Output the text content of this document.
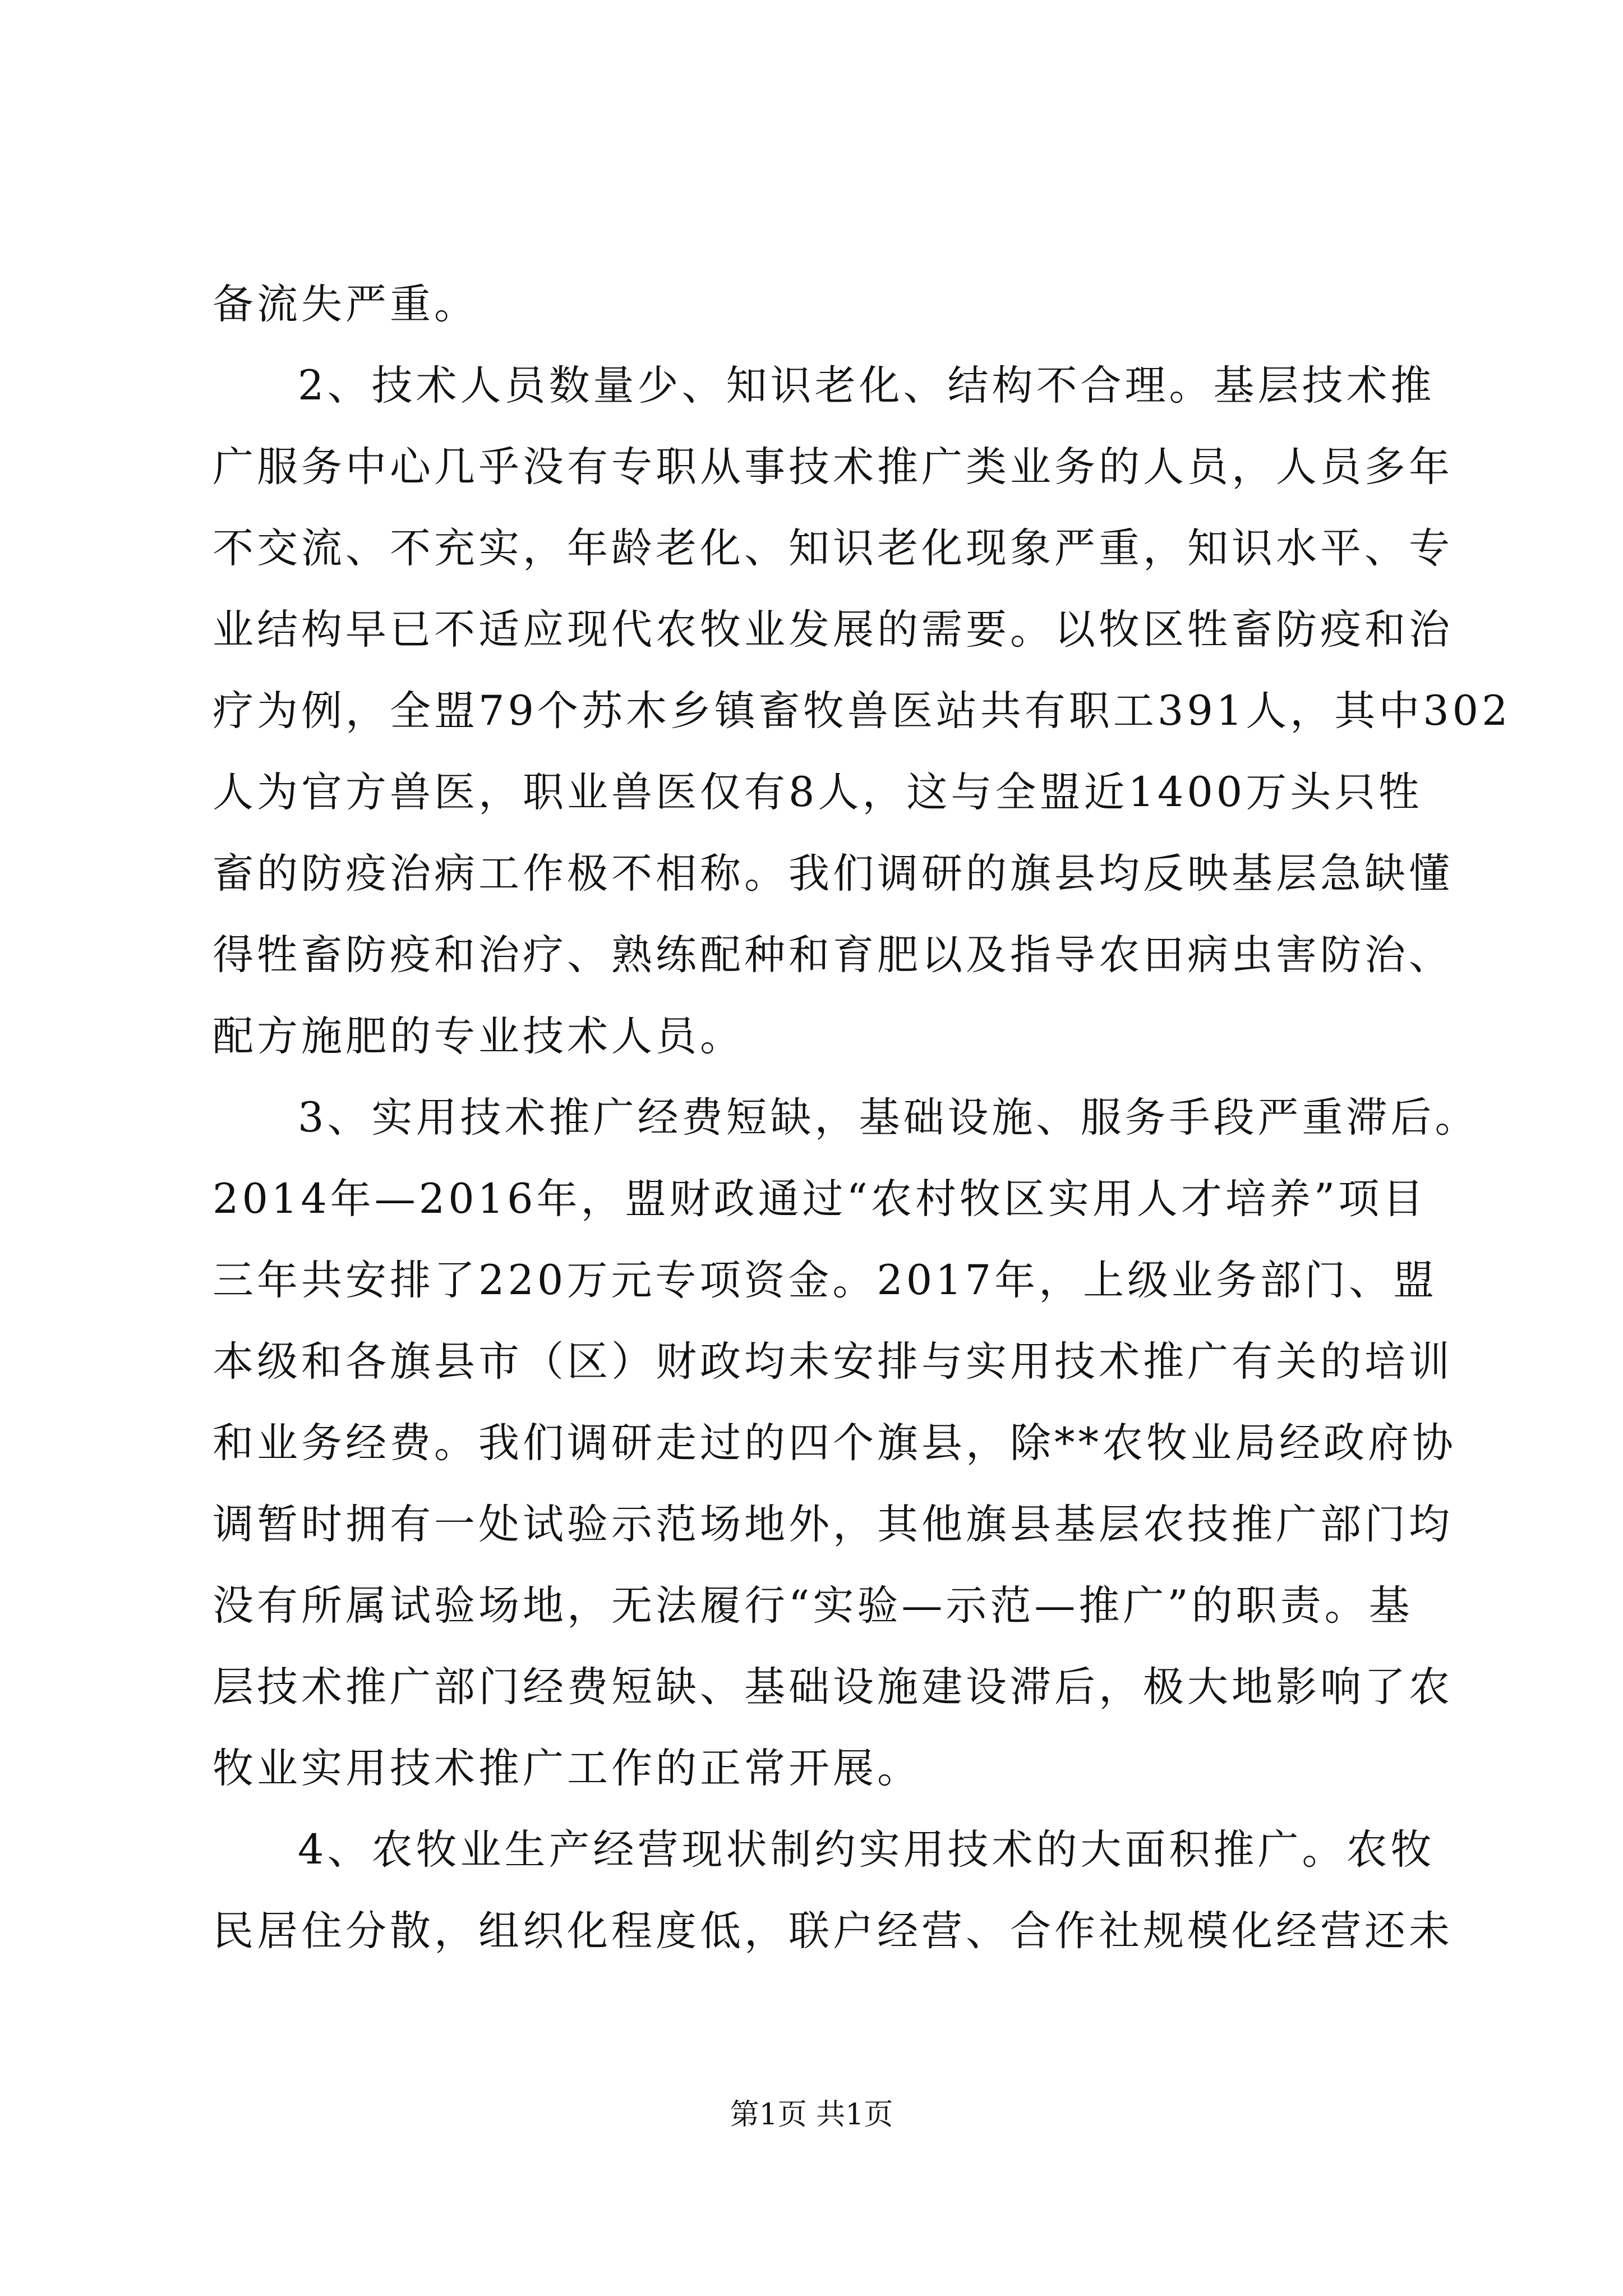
备流失严重。
2、技术人员数量少、知识老化、结构不合理。基层技术推
广服务中心几乎没有专职从事技术推广类业务的人员，人员多年
不交流、不充实，年龄老化、知识老化现象严重，知识水平、专
业结构早已不适应现代农牧业发展的需要。以牧区牲畜防疫和治
疗为例，全盟79个苏木乡镇畜牧兽医站共有职工391人，其中302
人为官方兽医，职业兽医仅有8人，这与全盟近1400万头只牲
畜的防疫治病工作极不相称。我们调研的旗县均反映基层急缺懂
得牲畜防疫和治疗、熟练配种和育肥以及指导农田病虫害防治、
配方施肥的专业技术人员。
3、实用技术推广经费短缺，基础设施、服务手段严重滞后。
2014年—2016年，盟财政通过“农村牧区实用人才培养”项目
三年共安排了220万元专项资金。2017年，上级业务部门、盟
本级和各旗县市（区）财政均未安排与实用技术推广有关的培训
和业务经费。我们调研走过的四个旗县，除**农牧业局经政府协
调暂时拥有一处试验示范场地外，其他旗县基层农技推广部门均
没有所属试验场地，无法履行“实验—示范—推广”的职责。基
层技术推广部门经费短缺、基础设施建设滞后，极大地影响了农
牧业实用技术推广工作的正常开展。
4、农牧业生产经营现状制约实用技术的大面积推广。农牧
民居住分散，组织化程度低，联户经营、合作社规模化经营还未
第1页 共1页
